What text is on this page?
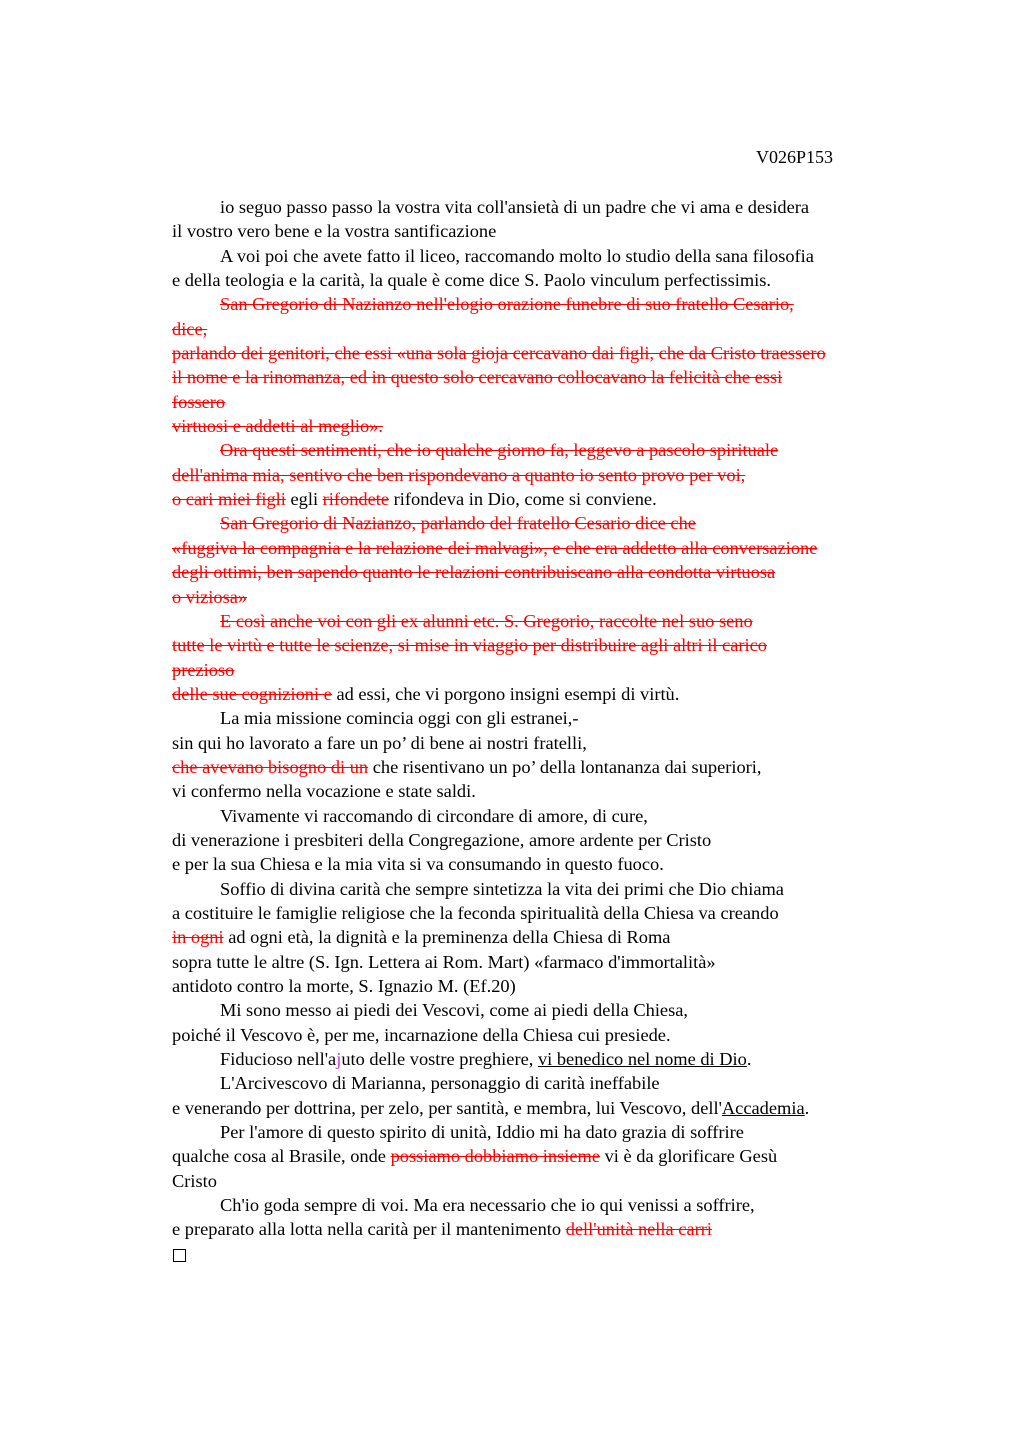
V026P153
io seguo passo passo la vostra vita coll'ansietà di un padre che vi ama e desidera
il vostro vero bene e la vostra santificazione
A voi poi che avete fatto il liceo, raccomando molto lo studio della sana filosofia
e della teologia e la carità, la quale è come dice S. Paolo vinculum perfectissimis.
San Gregorio di Nazianzo nell'elogio orazione funebre di suo fratello Cesario,
dice,
parlando dei genitori, che essi «una sola gioja cercavano dai figli, che da Cristo traessero
il nome e la rinomanza, ed in questo solo cercavano collocavano la felicità che essi
fossero
virtuosi e addetti al meglio».
Ora questi sentimenti, che io qualche giorno fa, leggevo a pascolo spirituale
dell'anima mia, sentivo che ben rispondevano a quanto io sento provo per voi,
o cari miei figli egli rifondete rifondeva in Dio, come si conviene.
San Gregorio di Nazianzo, parlando del fratello Cesario dice che
«fuggiva la compagnia e la relazione dei malvagi», e che era addetto alla conversazione
degli ottimi, ben sapendo quanto le relazioni contribuiscano alla condotta virtuosa
o viziosa»
E così anche voi con gli ex alunni etc. S. Gregorio, raccolte nel suo seno
tutte le virtù e tutte le scienze, si mise in viaggio per distribuire agli altri il carico
prezioso
delle sue cognizioni e ad essi, che vi porgono insigni esempi di virtù.
La mia missione comincia oggi con gli estranei,-
sin qui ho lavorato a fare un po’ di bene ai nostri fratelli,
che avevano bisogno di un che risentivano un po’ della lontananza dai superiori,
vi confermo nella vocazione e state saldi.
Vivamente vi raccomando di circondare di amore, di cure,
di venerazione i presbiteri della Congregazione, amore ardente per Cristo
e per la sua Chiesa e la mia vita si va consumando in questo fuoco.
Soffio di divina carità che sempre sintetizza la vita dei primi che Dio chiama
a costituire le famiglie religiose che la feconda spiritualità della Chiesa va creando
in ogni ad ogni età, la dignità e la preminenza della Chiesa di Roma
sopra tutte le altre (S. Ign. Lettera ai Rom. Mart) «farmaco d'immortalità»
antidoto contro la morte, S. Ignazio M. (Ef.20)
Mi sono messo ai piedi dei Vescovi, come ai piedi della Chiesa,
poiché il Vescovo è, per me, incarnazione della Chiesa cui presiede.
Fiducioso nell'ajuto delle vostre preghiere, vi benedico nel nome di Dio.
L'Arcivescovo di Marianna, personaggio di carità ineffabile
e venerando per dottrina, per zelo, per santità, e membra, lui Vescovo, dell'Accademia.
Per l'amore di questo spirito di unità, Iddio mi ha dato grazia di soffrire
qualche cosa al Brasile, onde possiamo dobbiamo insieme vi è da glorificare Gesù
Cristo
Ch'io goda sempre di voi. Ma era necessario che io qui venissi a soffrire,
e preparato alla lotta nella carità per il mantenimento dell'unità nella carri
